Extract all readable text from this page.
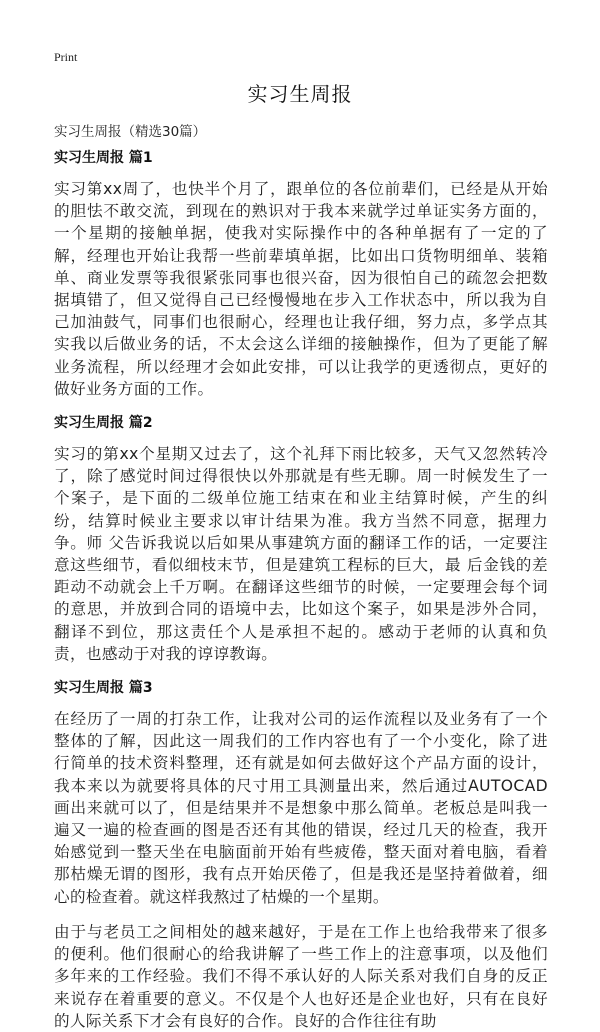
Print
实习生周报
实习生周报（精选30篇）
实习生周报 篇1

实习第xx周了，也快半个月了，跟单位的各位前辈们，已经是从开始的胆怯不敢交流，到现在的熟识对于我本来就学过单证实务方面的，一个星期的接触单据，使我对实际操作中的各种单据有了一定的了解，经理也开始让我帮一些前辈填单据，比如出口货物明细单、装箱单、商业发票等我很紧张同事也很兴奋，因为很怕自己的疏忽会把数据填错了，但又觉得自己已经慢慢地在步入工作状态中，所以我为自己加油鼓气，同事们也很耐心，经理也让我仔细，努力点，多学点其实我以后做业务的话，不太会这么详细的接触操作，但为了更能了解业务流程，所以经理才会如此安排，可以让我学的更透彻点，更好的做好业务方面的工作。

实习生周报 篇2

实习的第xx个星期又过去了，这个礼拜下雨比较多，天气又忽然转冷了，除了感觉时间过得很快以外那就是有些无聊。周一时候发生了一个案子，是下面的二级单位施工结束在和业主结算时候，产生的纠纷，结算时候业主要求以审计结果为准。我方当然不同意，据理力争。师 父告诉我说以后如果从事建筑方面的翻译工作的话，一定要注意这些细节，看似细枝末节，但是建筑工程标的巨大，最 后金钱的差距动不动就会上千万啊。在翻译这些细节的时候，一定要理会每个词的意思，并放到合同的语境中去，比如这个案子，如果是涉外合同，翻译不到位，那这责任个人是承担不起的。感动于老师的认真和负责，也感动于对我的谆谆教诲。

实习生周报 篇3

在经历了一周的打杂工作，让我对公司的运作流程以及业务有了一个整体的了解，因此这一周我们的工作内容也有了一个小变化，除了进行简单的技术资料整理，还有就是如何去做好这个产品方面的设计，我本来以为就要将具体的尺寸用工具测量出来，然后通过AUTOCAD画出来就可以了，但是结果并不是想象中那么简单。老板总是叫我一遍又一遍的检查画的图是否还有其他的错误，经过几天的检查，我开始感觉到一整天坐在电脑面前开始有些疲倦，整天面对着电脑，看着那枯燥无谓的图形，我有点开始厌倦了，但是我还是坚持着做着，细心的检查着。就这样我熬过了枯燥的一个星期。

由于与老员工之间相处的越来越好，于是在工作上也给我带来了很多的便利。他们很耐心的给我讲解了一些工作上的注意事项，以及他们多年来的工作经验。我们不得不承认好的人际关系对我们自身的反正来说存在着重要的意义。不仅是个人也好还是企业也好，只有在良好的人际关系下才会有良好的合作。良好的合作往往有助
